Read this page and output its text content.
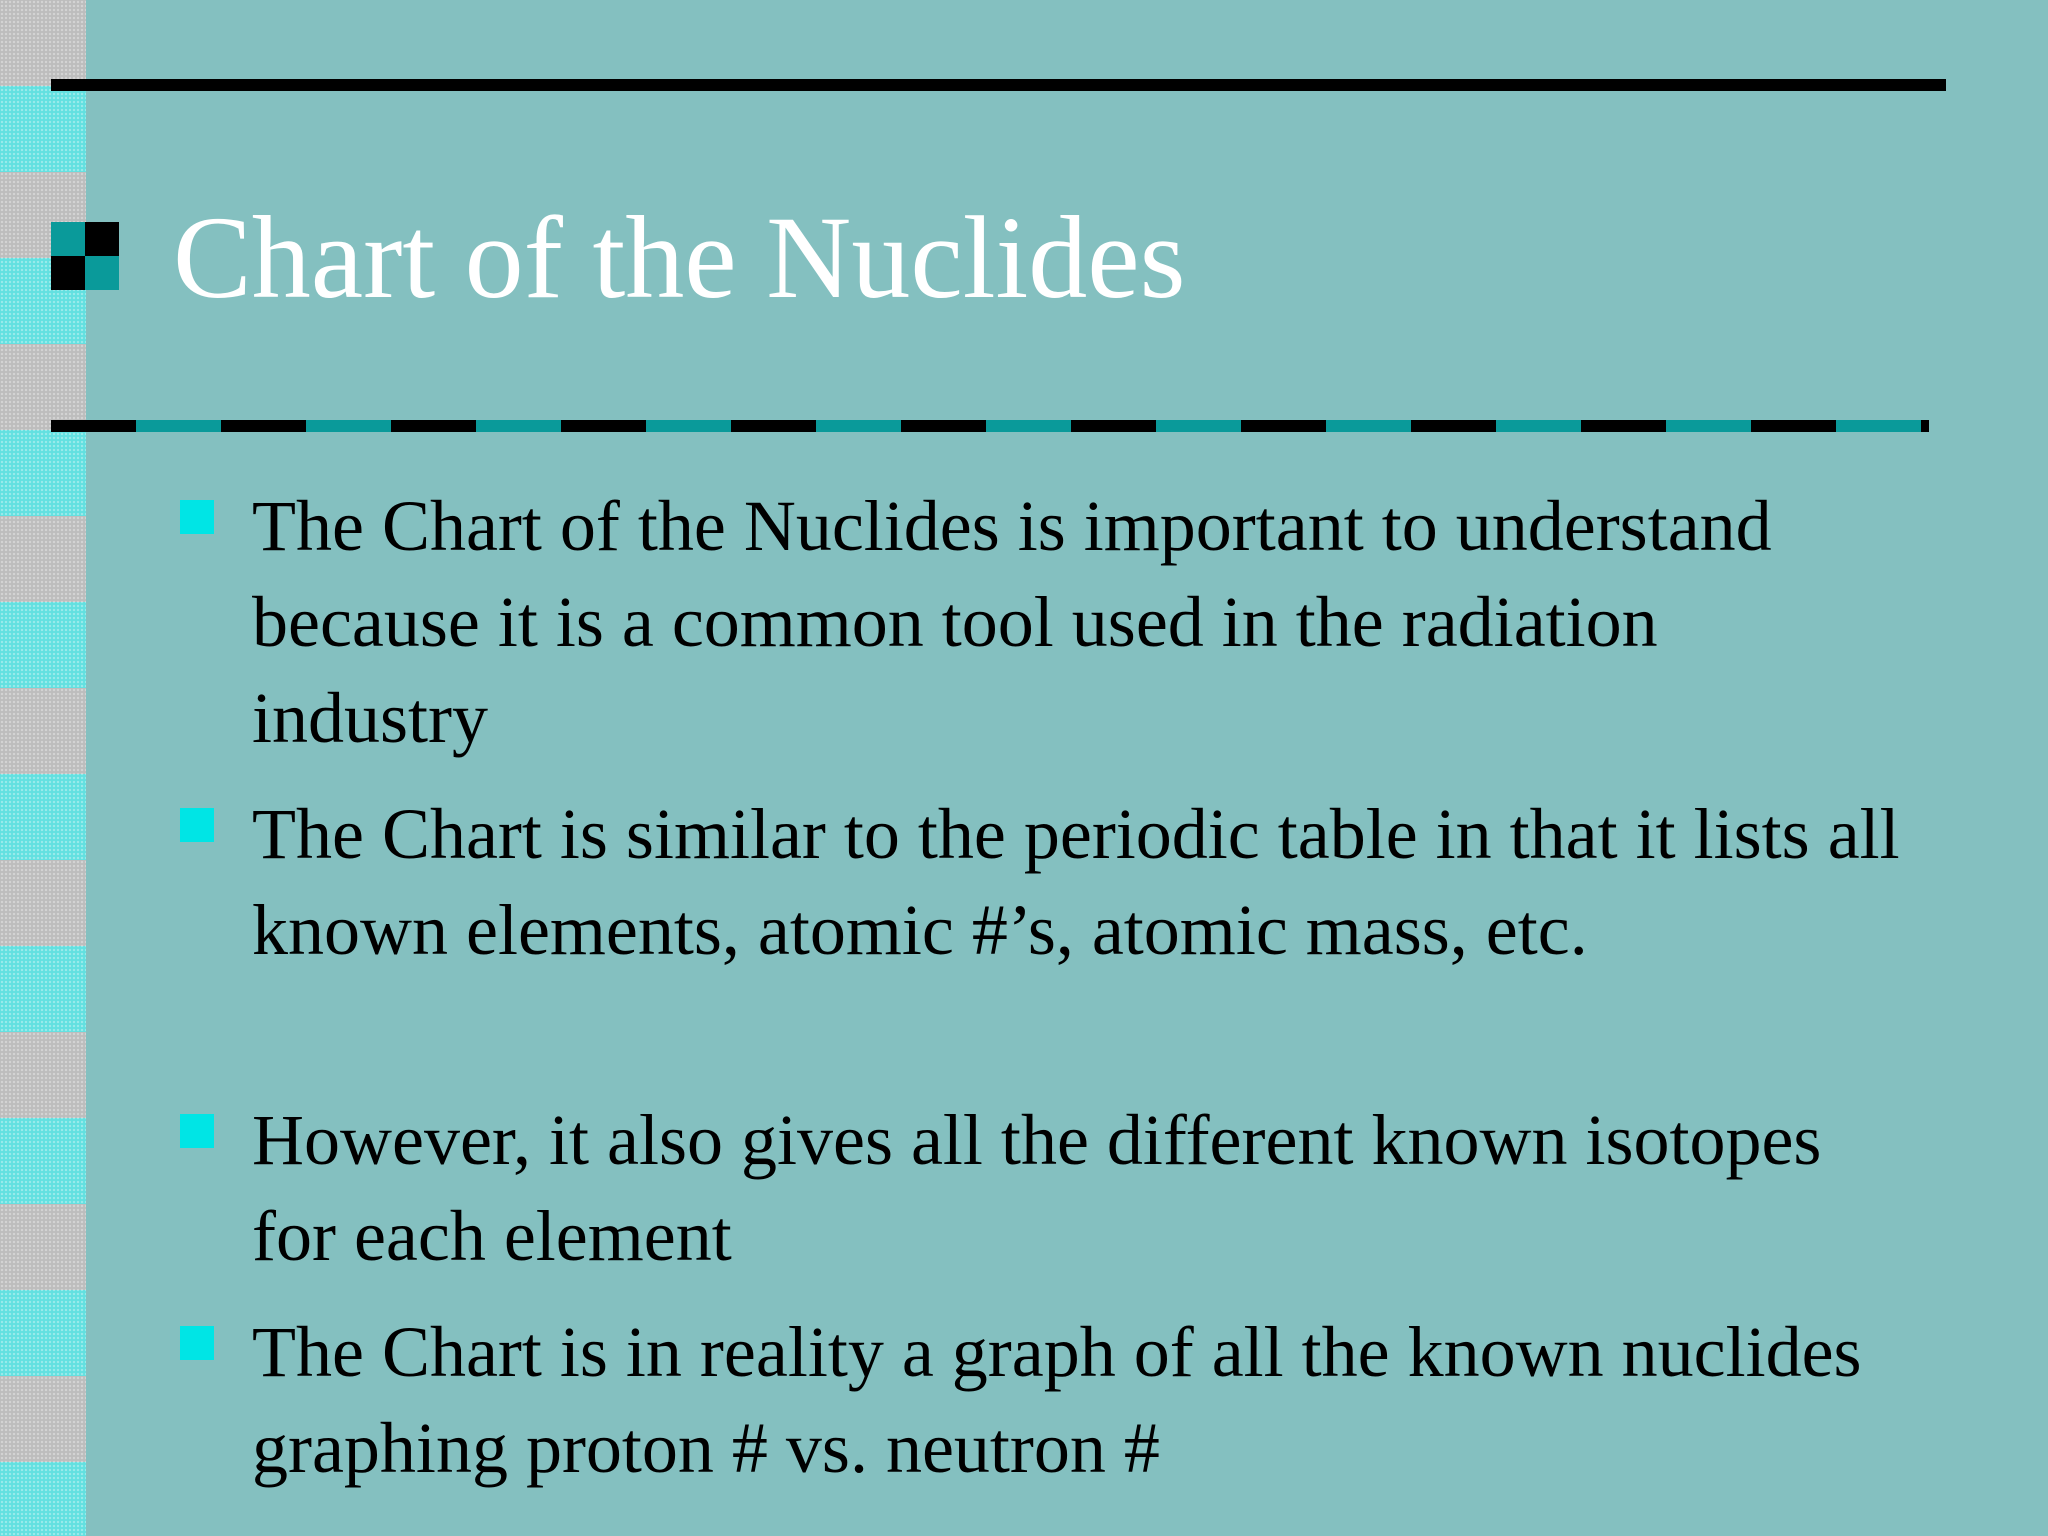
Chart of the Nuclides
The Chart of the Nuclides is important to understand because it is a common tool used in the radiation industry
The Chart is similar to the periodic table in that it lists all known elements, atomic #’s, atomic mass, etc.
However, it also gives all the different known isotopes for each element
The Chart is in reality a graph of all the known nuclides graphing proton # vs. neutron #
